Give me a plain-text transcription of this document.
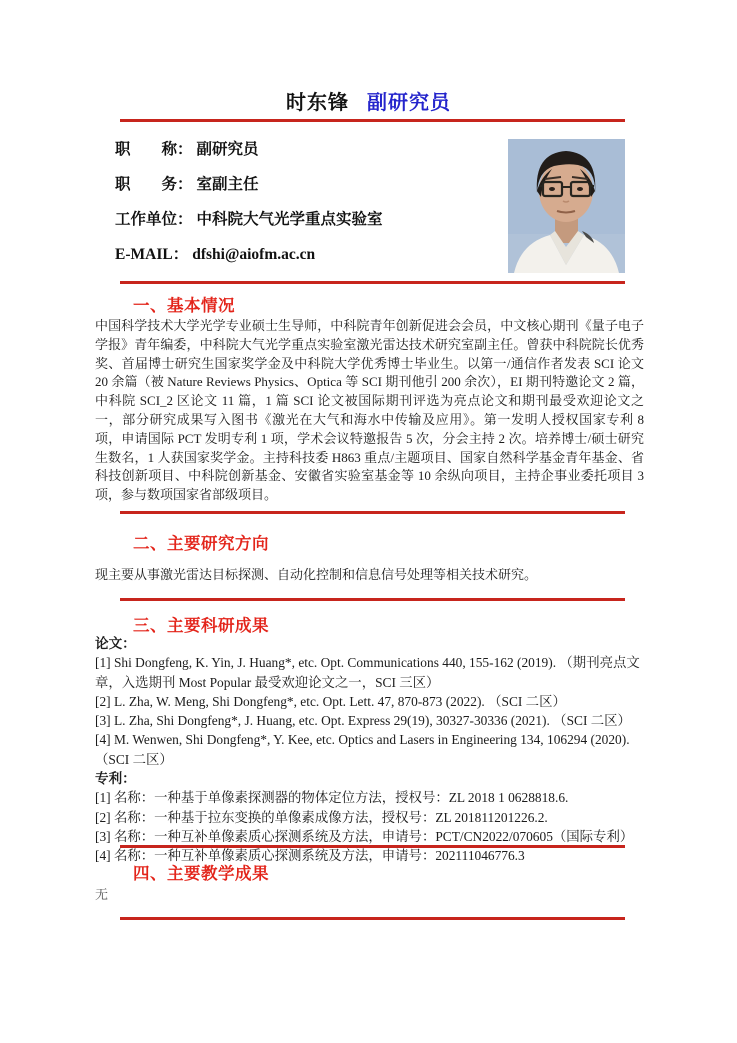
时东锋 副研究员
职　　称： 副研究员
职　　务： 室副主任
工作单位： 中科院大气光学重点实验室
E-MAIL： dfshi@aiofm.ac.cn
一、基本情况
中国科学技术大学光学专业硕士生导师，中科院青年创新促进会会员，中文核心期刊《量子电子学报》青年编委，中科院大气光学重点实验室激光雷达技术研究室副主任。曾获中科院院长优秀奖、首届博士研究生国家奖学金及中科院大学优秀博士毕业生。以第一/通信作者发表 SCI 论文 20 余篇（被 Nature Reviews Physics、Optica 等 SCI 期刊他引 200 余次），EI 期刊特邀论文 2 篇，中科院 SCI_2 区论文 11 篇，1 篇 SCI 论文被国际期刊评选为亮点论文和期刊最受欢迎论文之一，部分研究成果写入图书《激光在大气和海水中传输及应用》。第一发明人授权国家专利 8 项，申请国际 PCT 发明专利 1 项，学术会议特邀报告 5 次，分会主持 2 次。培养博士/硕士研究生数名，1 人获国家奖学金。主持科技委 H863 重点/主题项目、国家自然科学基金青年基金、省科技创新项目、中科院创新基金、安徽省实验室基金等 10 余纵向项目，主持企事业委托项目 3 项，参与数项国家省部级项目。
二、主要研究方向
现主要从事激光雷达目标探测、自动化控制和信息信号处理等相关技术研究。
三、主要科研成果
论文：
[1] Shi Dongfeng, K. Yin, J. Huang*, etc. Opt. Communications 440, 155-162 (2019). （期刊亮点文章，入选期刊 Most Popular 最受欢迎论文之一，SCI 三区）
[2] L. Zha, W. Meng, Shi Dongfeng*, etc. Opt. Lett. 47, 870-873 (2022). （SCI 二区）
[3] L. Zha, Shi Dongfeng*, J. Huang, etc. Opt. Express 29(19), 30327-30336 (2021). （SCI 二区）
[4] M. Wenwen, Shi Dongfeng*, Y. Kee, etc. Optics and Lasers in Engineering 134, 106294 (2020). （SCI 二区）
专利：
[1] 名称：一种基于单像素探测器的物体定位方法，授权号：ZL 2018 1 0628818.6.
[2] 名称：一种基于拉东变换的单像素成像方法，授权号：ZL 201811201226.2.
[3] 名称：一种互补单像素质心探测系统及方法，申请号：PCT/CN2022/070605（国际专利）
[4] 名称：一种互补单像素质心探测系统及方法，申请号：202111046776.3
四、主要教学成果
无
